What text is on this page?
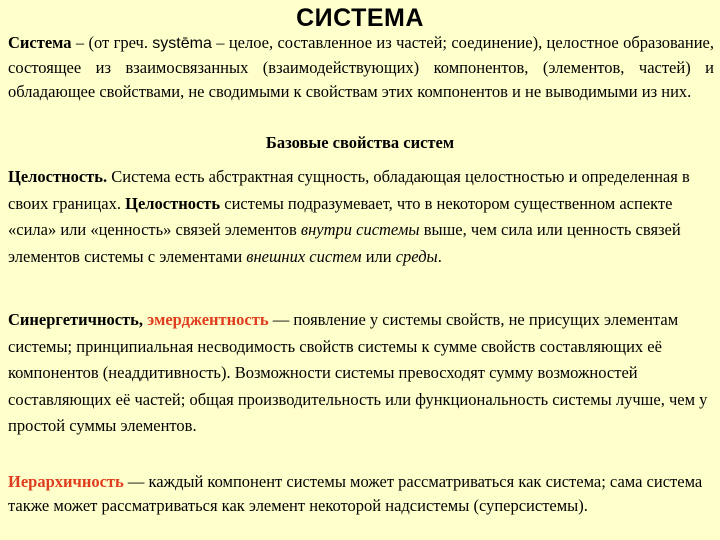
СИСТЕМА

Система – (от греч. systēma – целое, составленное из частей; соединение), целостное образование, состоящее из взаимосвязанных (взаимодействующих) компонентов, (элементов, частей) и обладающее свойствами, не сводимыми к свойствам этих компонентов и не выводимыми из них.

Базовые свойства систем

Целостность. Система есть абстрактная сущность, обладающая целостностью и определенная в своих границах. Целостность системы подразумевает, что в некотором существенном аспекте «сила» или «ценность» связей элементов внутри системы выше, чем сила или ценность связей элементов системы с элементами внешних систем или среды.

Синергетичность, эмерджентность — появление у системы свойств, не присущих элементам системы; принципиальная несводимость свойств системы к сумме свойств составляющих её компонентов (неаддитивность). Возможности системы превосходят сумму возможностей составляющих её частей; общая производительность или функциональность системы лучше, чем у простой суммы элементов.

Иерархичность — каждый компонент системы может рассматриваться как система; сама система также может рассматриваться как элемент некоторой надсистемы (суперсистемы).
